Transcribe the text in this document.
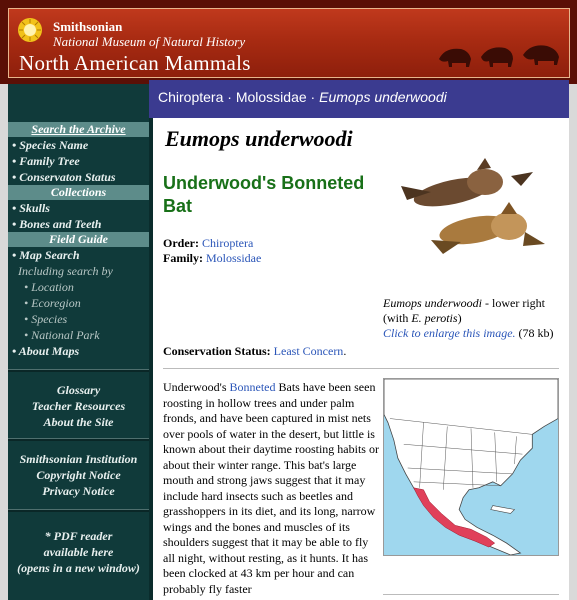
Smithsonian
National Museum of Natural History
North American Mammals
Search the Archive
• Species Name
• Family Tree
• Conservaton Status
Collections
• Skulls
• Bones and Teeth
Field Guide
• Map Search
Including search by
• Location
• Ecoregion
• Species
• National Park
• About Maps
Glossary
Teacher Resources
About the Site
Smithsonian Institution
Copyright Notice
Privacy Notice
* PDF reader
available here
(opens in a new window)
Chiroptera · Molossidae · Eumops underwoodi
Eumops underwoodi
Underwood's Bonneted Bat
Order: Chiroptera
Family: Molossidae
Eumops underwoodi - lower right (with E. perotis)
Click to enlarge this image. (78 kb)
Conservation Status: Least Concern.
Underwood's Bonneted Bats have been seen roosting in hollow trees and under palm fronds, and have been captured in mist nets over pools of water in the desert, but little is known about their daytime roosting habits or about their winter range. This bat's large mouth and strong jaws suggest that it may include hard insects such as beetles and grasshoppers in its diet, and its long, narrow wings and the bones and muscles of its shoulders suggest that it may be able to fly all night, without resting, as it hunts. It has been clocked at 43 km per hour and can probably fly faster
